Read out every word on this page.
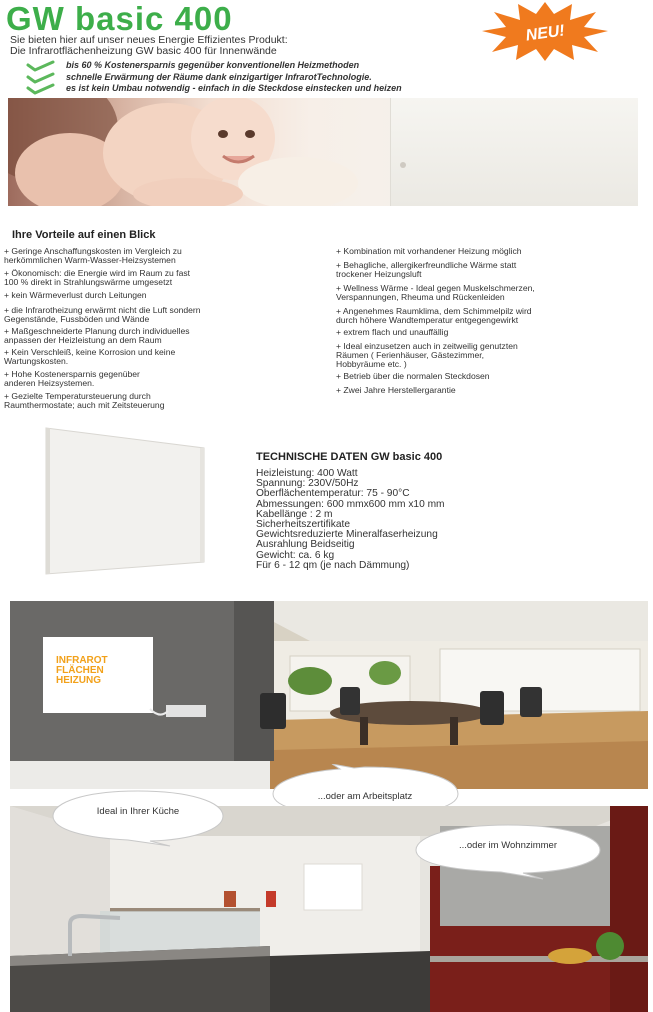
GW basic 400
Sie bieten hier auf unser neues Energie Effizientes Produkt:
Die Infrarotflächenheizung GW basic 400 für Innenwände
NEU!
bis 60 % Kostenersparnis gegenüber konventionellen Heizmethoden
schnelle Erwärmung der Räume dank einzigartiger InfrarotTechnologie.
es ist kein Umbau notwendig - einfach in die Steckdose einstecken und heizen
Ihre Vorteile auf einen Blick
+ Geringe Anschaffungskosten im Vergleich zu
herkömmlichen Warm-Wasser-Heizsystemen
+ Ökonomisch: die Energie wird im Raum zu fast
100 % direkt in Strahlungswärme umgesetzt
+ kein Wärmeverlust durch Leitungen
+ die Infrarotheizung erwärmt nicht die Luft sondern
Gegenstände, Fussböden und Wände
+ Maßgeschneiderte Planung durch individuelles
anpassen der Heizleistung an dem Raum
+ Kein Verschleiß, keine Korrosion und keine
Wartungskosten.
+ Hohe Kostenersparnis gegenüber
anderen Heizsystemen.
+ Gezielte Temperatursteuerung durch
Raumthermostate; auch mit Zeitsteuerung
+ Kombination mit vorhandener Heizung möglich
+ Behagliche, allergikerfreundliche Wärme statt
trockener Heizungsluft
+ Wellness Wärme - Ideal gegen Muskelschmerzen,
Verspannungen, Rheuma und Rückenleiden
+ Angenehmes Raumklima, dem Schimmelpilz wird
durch höhere Wandtemperatur entgegengewirkt
+ extrem flach und unauffällig
+ Ideal einzusetzen auch in zeitweilig genutzten
Räumen ( Ferienhäuser, Gästezimmer,
Hobbyräume etc. )
+ Betrieb über die normalen Steckdosen
+ Zwei Jahre Herstellergarantie
TECHNISCHE DATEN GW basic 400
Heizleistung: 400 Watt
Spannung: 230V/50Hz
Oberflächentemperatur: 75 - 90°C
Abmessungen: 600 mmx600 mm x10 mm
Kabellänge : 2 m
Sicherheitszertifikate
Gewichtsreduzierte Mineralfaserheizung
Ausrahlung Beidseitig
Gewicht: ca. 6 kg
Für 6 - 12 qm (je nach Dämmung)
INFRAROT
FLÄCHEN
HEIZUNG
...oder am Arbeitsplatz
Ideal in Ihrer Küche
...oder im Wohnzimmer
